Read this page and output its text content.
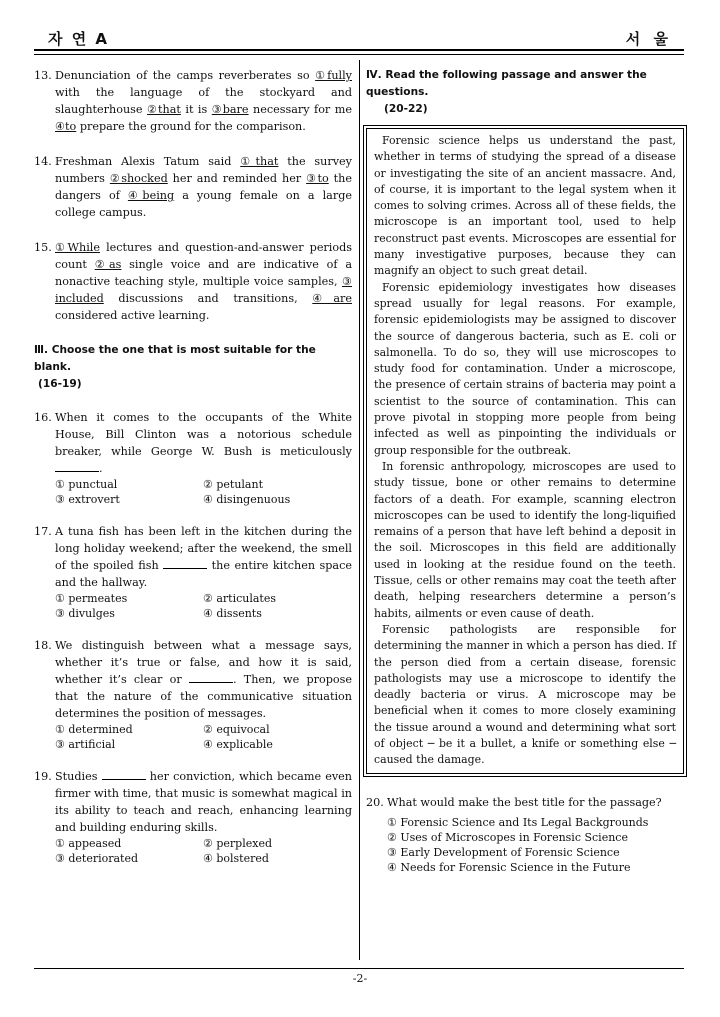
자 연 A	서 울
13. Denunciation of the camps reverberates so ①fully with the language of the stockyard and slaughterhouse ②that it is ③bare necessary for me ④to prepare the ground for the comparison.
14. Freshman Alexis Tatum said ①that the survey numbers ②shocked her and reminded her ③to the dangers of ④being a young female on a large college campus.
15. ①While lectures and question-and-answer periods count ②as single voice and are indicative of a nonactive teaching style, multiple voice samples, ③ included discussions and transitions, ④are considered active learning.
Ⅲ. Choose the one that is most suitable for the blank.
(16-19)
16. When it comes to the occupants of the White House, Bill Clinton was a notorious schedule breaker, while George W. Bush is meticulously .
① punctual	② petulant
③ extrovert	④ disingenuous
17. A tuna fish has been left in the kitchen during the long holiday weekend; after the weekend, the smell of the spoiled fish	the entire kitchen space and the hallway.
① permeates	② articulates
③ divulges	④ dissents
18. We distinguish between what a message says, whether it’s true or false, and how it is said, whether it’s clear or	. Then, we propose that the nature of the communicative situation determines the position of messages.
① determined	② equivocal
③ artificial	④ explicable
19. Studies	her conviction, which became even firmer with time, that music is somewhat magical in its ability to teach and reach, enhancing learning and building enduring skills.
① appeased	② perplexed
③ deteriorated	④ bolstered
Ⅳ. Read the following passage and answer the questions.
(20-22)

Forensic science helps us understand the past, whether in terms of studying the spread of a disease or investigating the site of an ancient massacre. And, of course, it is important to the legal system when it comes to solving crimes. Across all of these fields, the microscope is an important tool, used to help reconstruct past events. Microscopes are essential for many investigative purposes, because they can magnify an object to such great detail.

Forensic epidemiology investigates how diseases spread usually for legal reasons. For example, forensic epidemiologists may be assigned to discover the source of dangerous bacteria, such as E. coli or salmonella. To do so, they will use microscopes to study food for contamination. Under a microscope, the presence of certain strains of bacteria may point a scientist to the source of contamination. This can prove pivotal in stopping more people from being infected as well as pinpointing the individuals or group responsible for the outbreak.

In forensic anthropology, microscopes are used to study tissue, bone or other remains to determine factors of a death. For example, scanning electron microscopes can be used to identify the long-liquified remains of a person that have left behind a deposit in the soil. Microscopes in this field are additionally used in looking at the residue found on the teeth. Tissue, cells or other remains may coat the teeth after death, helping researchers determine a person’s habits, ailments or even cause of death.

Forensic pathologists are responsible for determining the manner in which a person has died. If the person died from a certain disease, forensic pathologists may use a microscope to identify the deadly bacteria or virus. A microscope may be beneficial when it comes to more closely examining the tissue around a wound and determining what sort of object ─ be it a bullet, a knife or something else ─ caused the damage.

20. What would make the best title for the passage?
① Forensic Science and Its Legal Backgrounds
② Uses of Microscopes in Forensic Science
③ Early Development of Forensic Science
④ Needs for Forensic Science in the Future
-2-
